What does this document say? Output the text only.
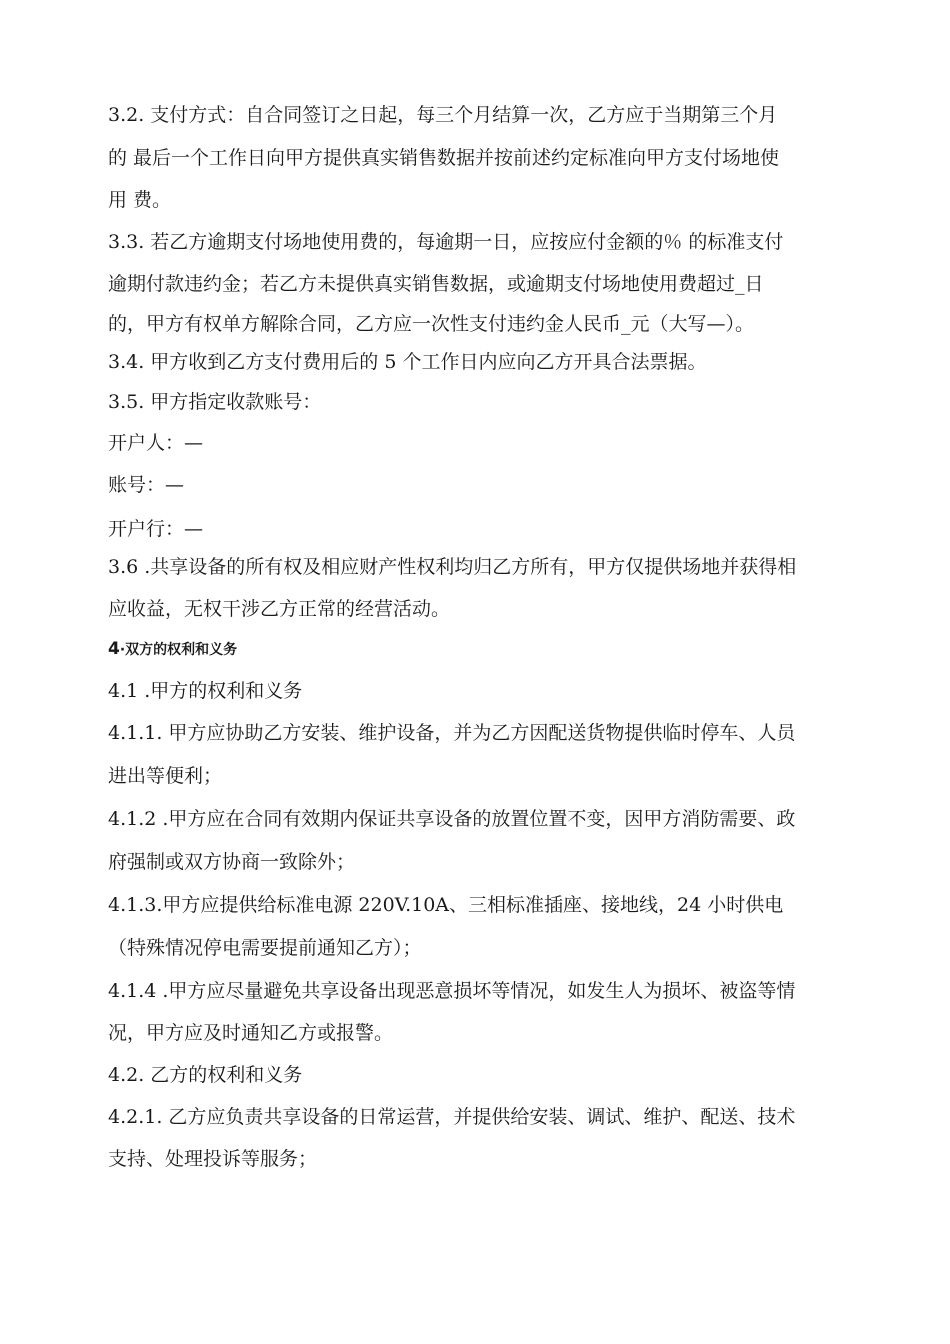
3.2. 支付方式：自合同签订之日起，每三个月结算一次，乙方应于当期第三个月
的 最后一个工作日向甲方提供真实销售数据并按前述约定标准向甲方支付场地使
用 费。
3.3. 若乙方逾期支付场地使用费的，每逾期一日，应按应付金额的％ 的标准支付
逾期付款违约金；若乙方未提供真实销售数据，或逾期支付场地使用费超过_日
的，甲方有权单方解除合同，乙方应一次性支付违约金人民币_元（大写—）。
3.4. 甲方收到乙方支付费用后的 5 个工作日内应向乙方开具合法票据。
3.5. 甲方指定收款账号：
开户人：—
账号：—
开户行：—
3.6 .共享设备的所有权及相应财产性权利均归乙方所有，甲方仅提供场地并获得相
应收益，无权干涉乙方正常的经营活动。
4·双方的权利和义务
4.1 .甲方的权利和义务
4.1.1. 甲方应协助乙方安装、维护设备，并为乙方因配送货物提供临时停车、人员
进出等便利；
4.1.2 .甲方应在合同有效期内保证共享设备的放置位置不变，因甲方消防需要、政
府强制或双方协商一致除外；
4.1.3.甲方应提供给标准电源 220V.10A、三相标准插座、接地线，24 小时供电
（特殊情况停电需要提前通知乙方）；
4.1.4 .甲方应尽量避免共享设备出现恶意损坏等情况，如发生人为损坏、被盗等情
况，甲方应及时通知乙方或报警。
4.2. 乙方的权利和义务
4.2.1. 乙方应负责共享设备的日常运营，并提供给安装、调试、维护、配送、技术
支持、处理投诉等服务；
